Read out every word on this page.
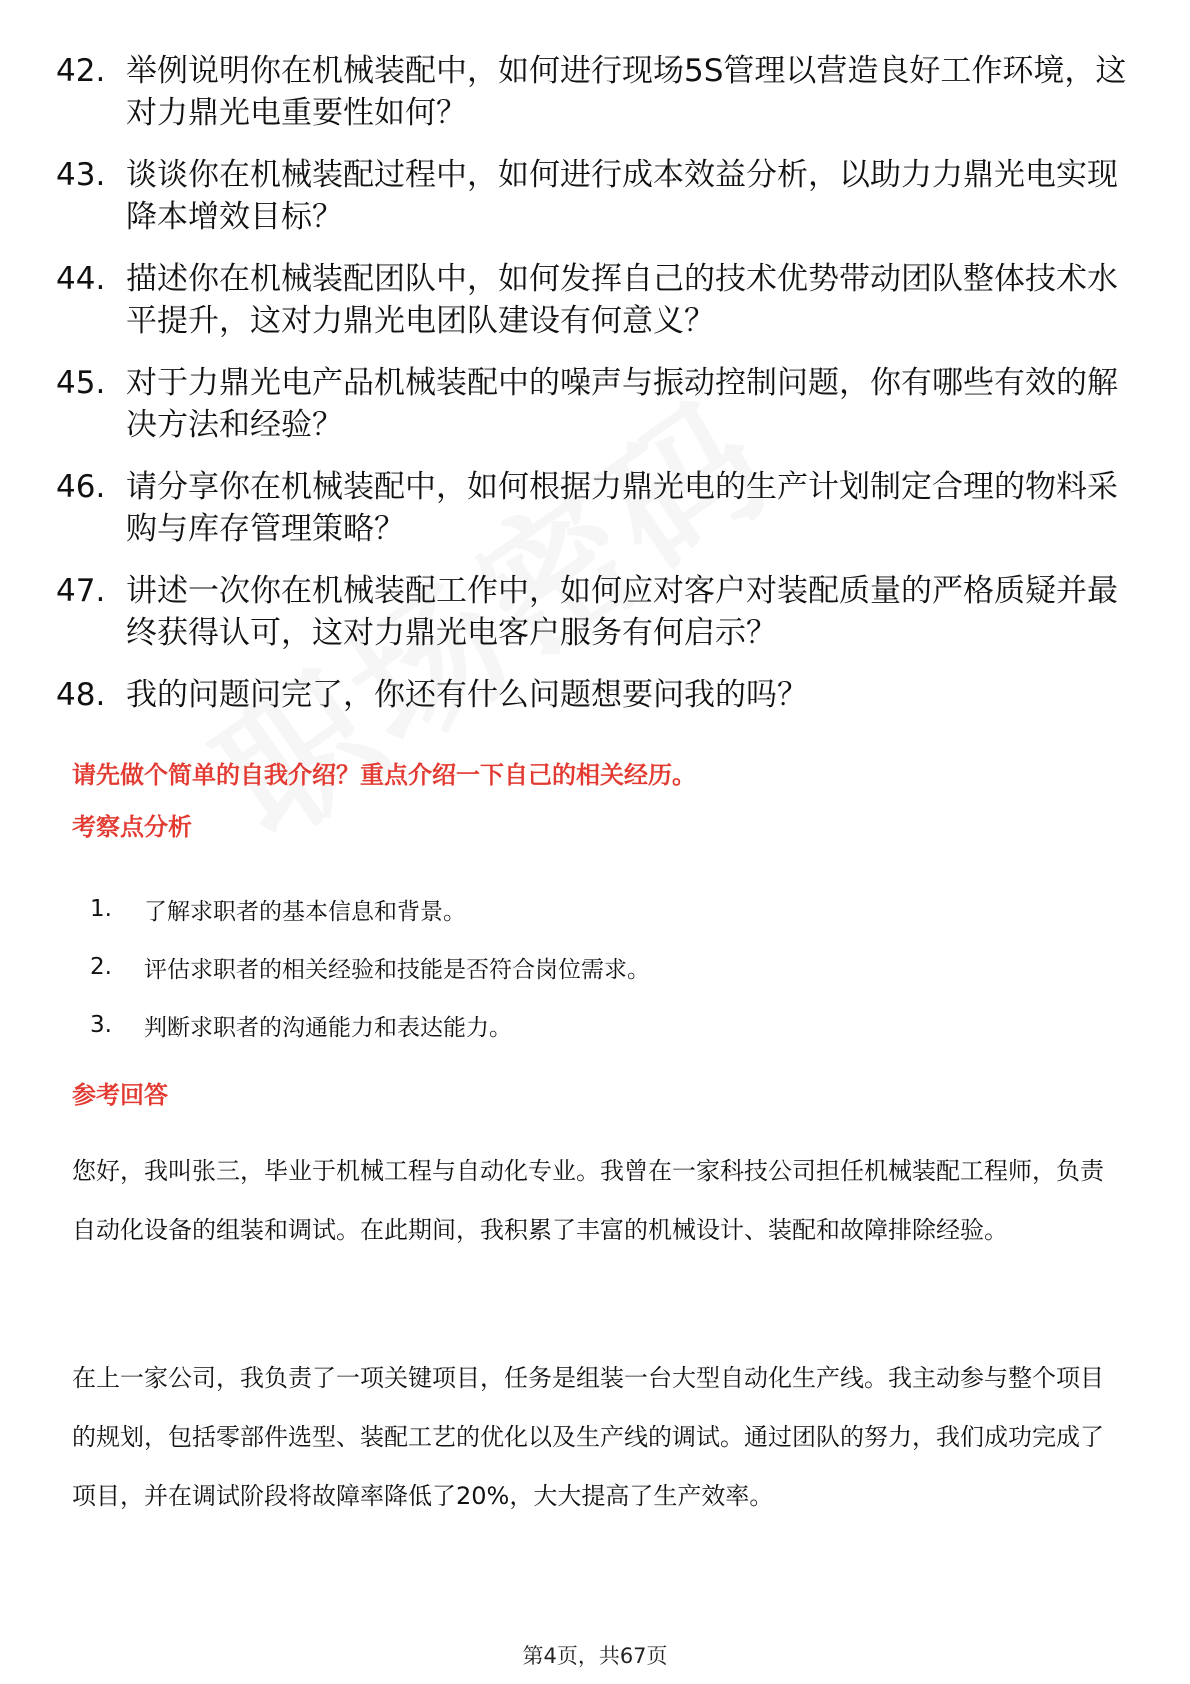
42. 举例说明你在机械装配中，如何进行现场5S管理以营造良好工作环境，这对力鼎光电重要性如何？
43. 谈谈你在机械装配过程中，如何进行成本效益分析，以助力力鼎光电实现降本增效目标？
44. 描述你在机械装配团队中，如何发挥自己的技术优势带动团队整体技术水平提升，这对力鼎光电团队建设有何意义？
45. 对于力鼎光电产品机械装配中的噪声与振动控制问题，你有哪些有效的解决方法和经验？
46. 请分享你在机械装配中，如何根据力鼎光电的生产计划制定合理的物料采购与库存管理策略？
47. 讲述一次你在机械装配工作中，如何应对客户对装配质量的严格质疑并最终获得认可，这对力鼎光电客户服务有何启示？
48. 我的问题问完了，你还有什么问题想要问我的吗？
请先做个简单的自我介绍？重点介绍一下自己的相关经历。
考察点分析
1.	了解求职者的基本信息和背景。
2.	评估求职者的相关经验和技能是否符合岗位需求。
3.	判断求职者的沟通能力和表达能力。
参考回答
您好，我叫张三，毕业于机械工程与自动化专业。我曾在一家科技公司担任机械装配工程师，负责自动化设备的组装和调试。在此期间，我积累了丰富的机械设计、装配和故障排除经验。
在上一家公司，我负责了一项关键项目，任务是组装一台大型自动化生产线。我主动参与整个项目的规划，包括零部件选型、装配工艺的优化以及生产线的调试。通过团队的努力，我们成功完成了项目，并在调试阶段将故障率降低了20%，大大提高了生产效率。
第4页，共67页
